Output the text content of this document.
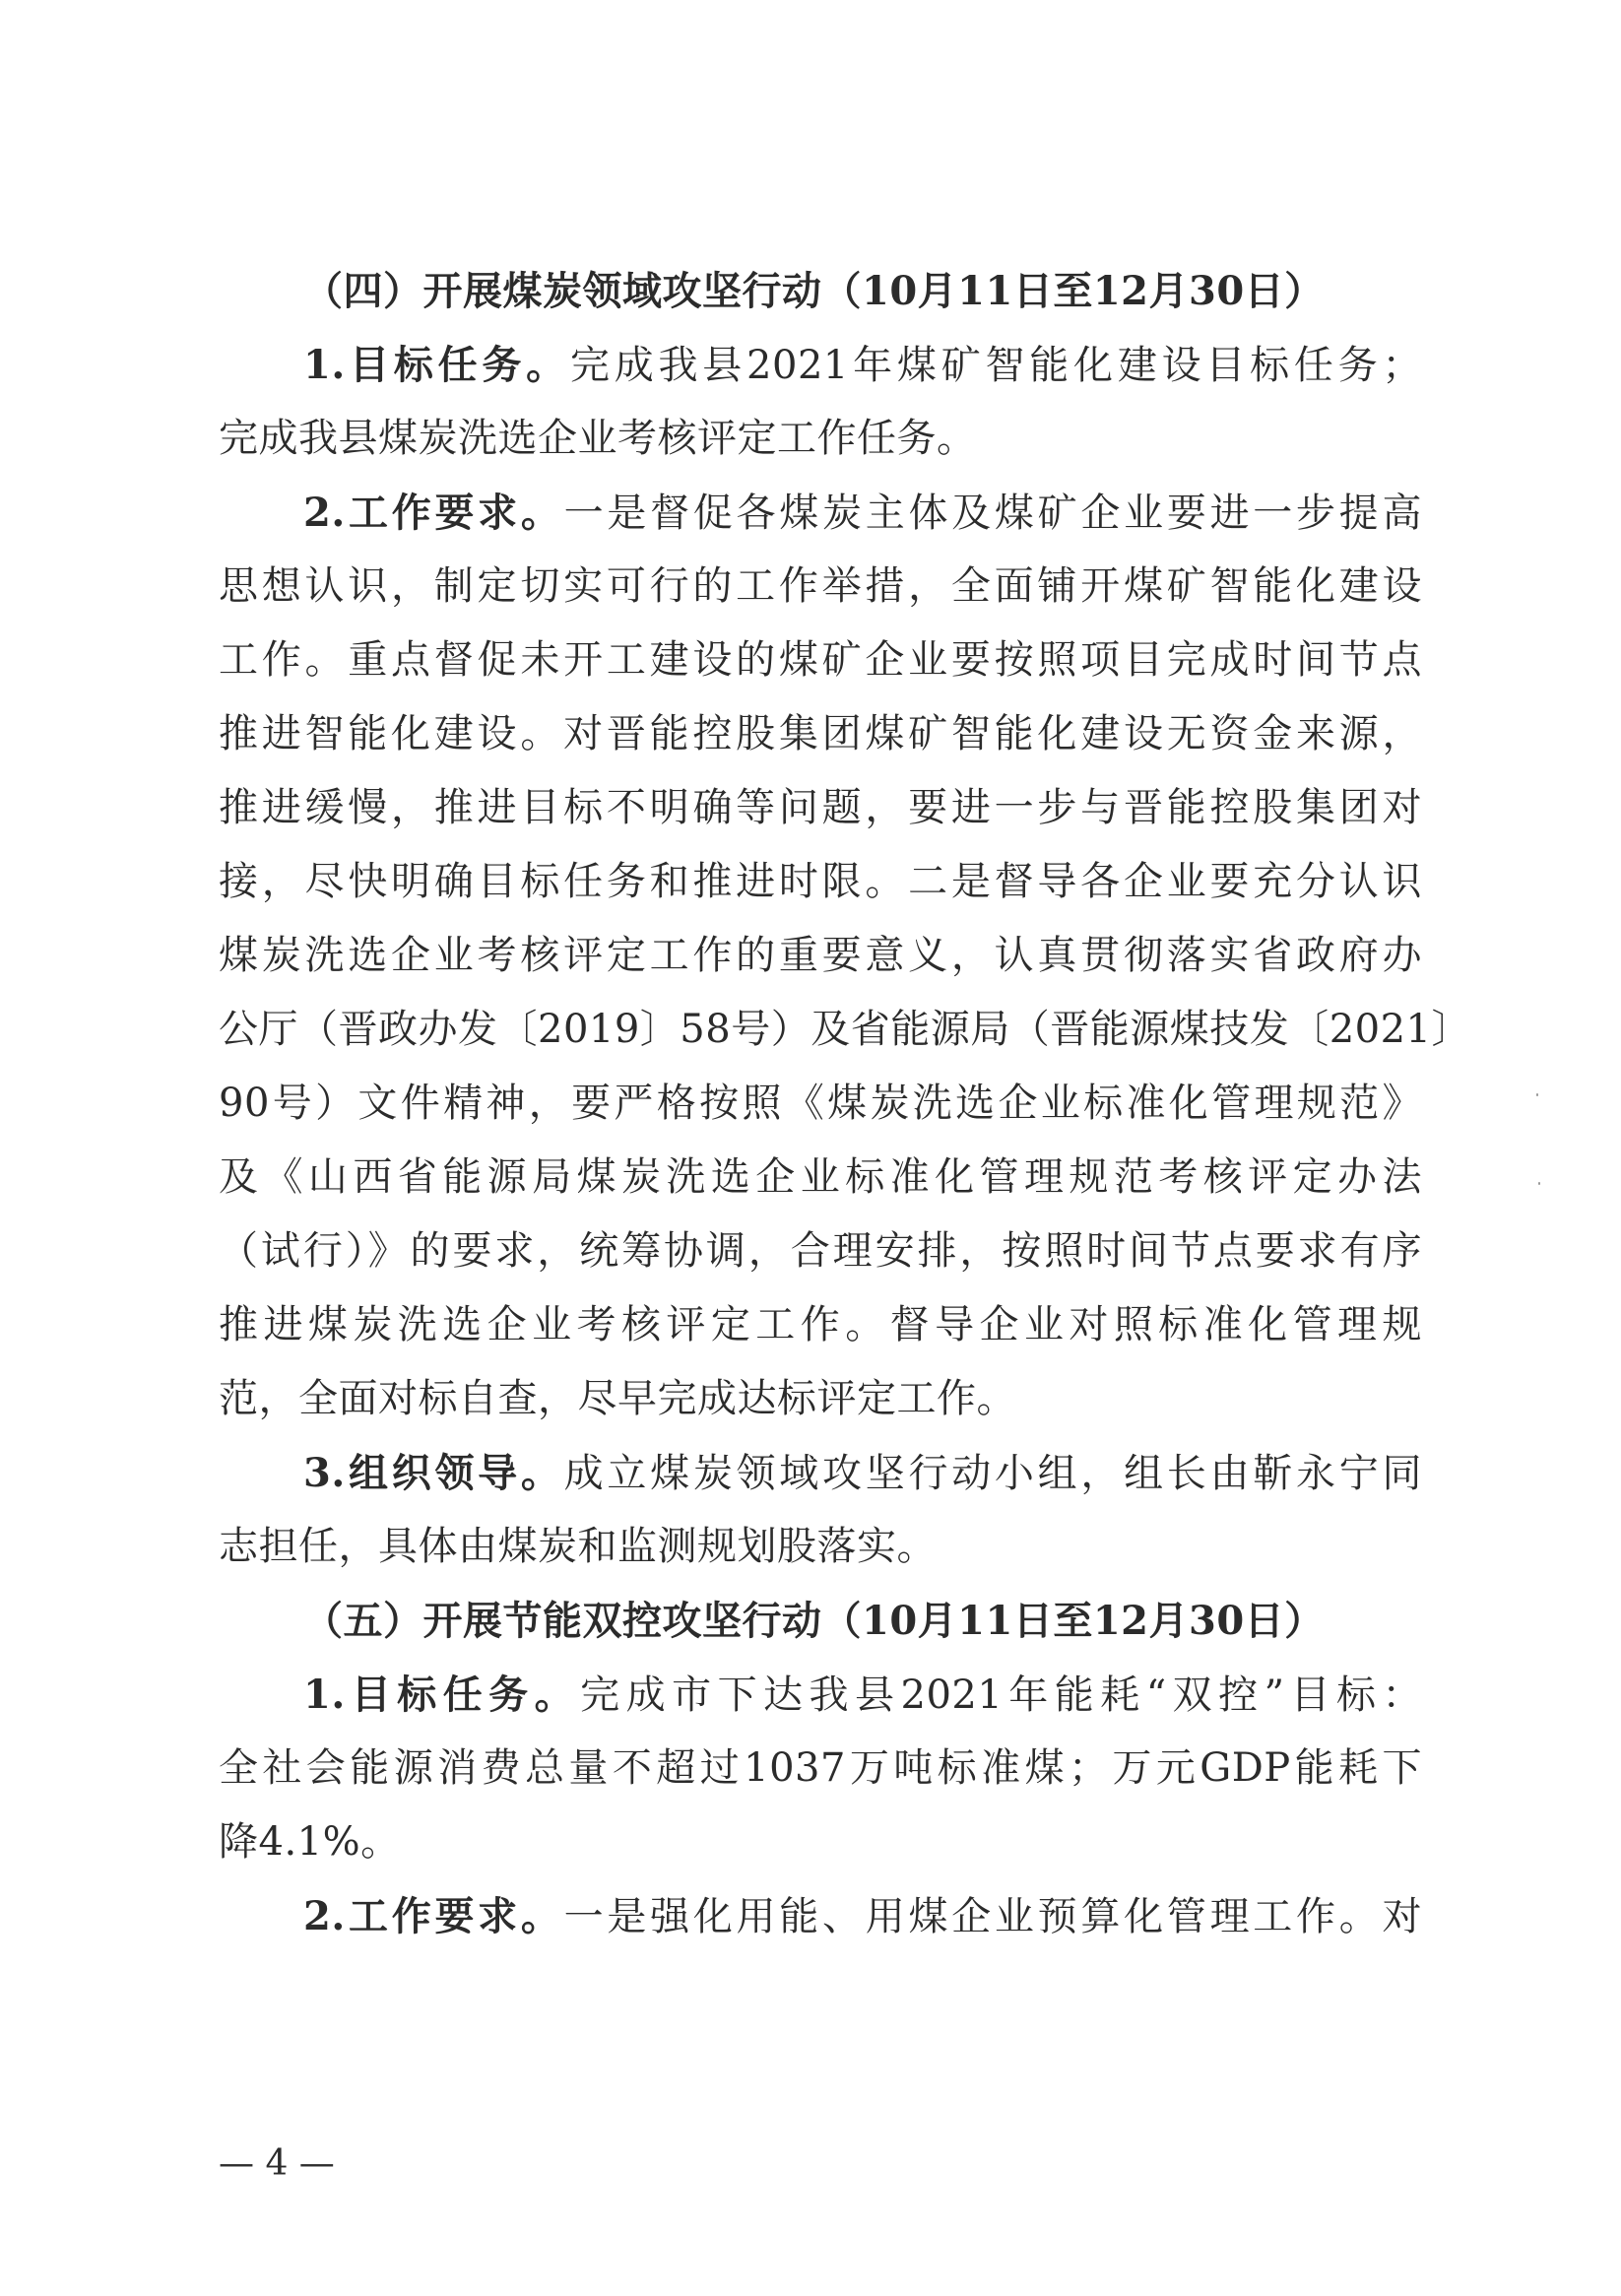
（四）开展煤炭领域攻坚行动（10月11日至12月30日）
1.目标任务。完成我县2021年煤矿智能化建设目标任务；
完成我县煤炭洗选企业考核评定工作任务。
2.工作要求。一是督促各煤炭主体及煤矿企业要进一步提高
思想认识，制定切实可行的工作举措，全面铺开煤矿智能化建设
工作。重点督促未开工建设的煤矿企业要按照项目完成时间节点
推进智能化建设。对晋能控股集团煤矿智能化建设无资金来源，
推进缓慢，推进目标不明确等问题，要进一步与晋能控股集团对
接，尽快明确目标任务和推进时限。二是督导各企业要充分认识
煤炭洗选企业考核评定工作的重要意义，认真贯彻落实省政府办
公厅（晋政办发〔2019〕58号）及省能源局（晋能源煤技发〔2021〕
90号）文件精神，要严格按照《煤炭洗选企业标准化管理规范》
及《山西省能源局煤炭洗选企业标准化管理规范考核评定办法
（试行）》的要求，统筹协调，合理安排，按照时间节点要求有序
推进煤炭洗选企业考核评定工作。督导企业对照标准化管理规
范，全面对标自查，尽早完成达标评定工作。
3.组织领导。成立煤炭领域攻坚行动小组，组长由靳永宁同
志担任，具体由煤炭和监测规划股落实。
（五）开展节能双控攻坚行动（10月11日至12月30日）
1.目标任务。完成市下达我县2021年能耗“双控”目标：
全社会能源消费总量不超过1037万吨标准煤；万元GDP能耗下
降4.1%。
2.工作要求。一是强化用能、用煤企业预算化管理工作。对
— 4 —
